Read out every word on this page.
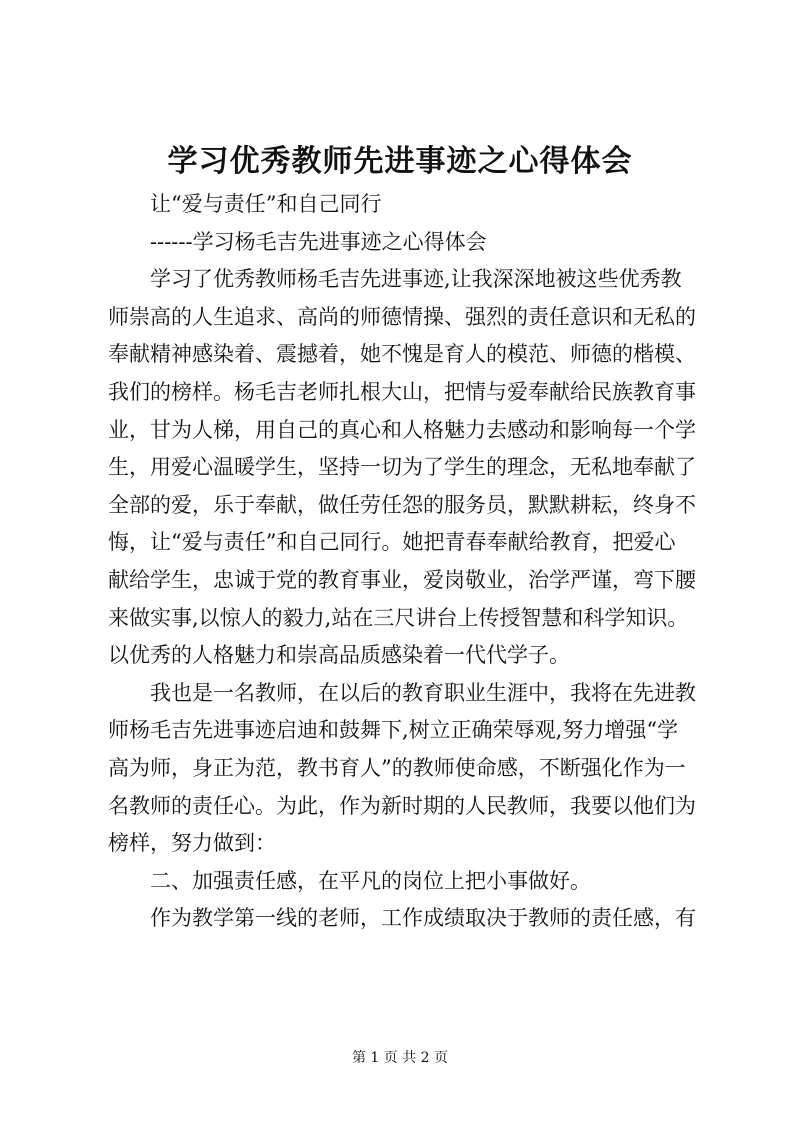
学习优秀教师先进事迹之心得体会

让“爱与责任”和自己同行

------学习杨毛吉先进事迹之心得体会

学习了优秀教师杨毛吉先进事迹,让我深深地被这些优秀教
师崇高的人生追求、高尚的师德情操、强烈的责任意识和无私的
奉献精神感染着、震撼着，她不愧是育人的模范、师德的楷模、
我们的榜样。杨毛吉老师扎根大山，把情与爱奉献给民族教育事
业，甘为人梯，用自己的真心和人格魅力去感动和影响每一个学
生，用爱心温暖学生，坚持一切为了学生的理念，无私地奉献了
全部的爱，乐于奉献，做任劳任怨的服务员，默默耕耘，终身不
悔，让“爱与责任”和自己同行。她把青春奉献给教育，把爱心
献给学生，忠诚于党的教育事业，爱岗敬业，治学严谨，弯下腰
来做实事,以惊人的毅力,站在三尺讲台上传授智慧和科学知识。
以优秀的人格魅力和崇高品质感染着一代代学子。

我也是一名教师，在以后的教育职业生涯中，我将在先进教
师杨毛吉先进事迹启迪和鼓舞下,树立正确荣辱观,努力增强“学
高为师，身正为范，教书育人”的教师使命感，不断强化作为一
名教师的责任心。为此，作为新时期的人民教师，我要以他们为
榜样，努力做到：

二、加强责任感，在平凡的岗位上把小事做好。

作为教学第一线的老师，工作成绩取决于教师的责任感，有

第 1 页 共 2 页
